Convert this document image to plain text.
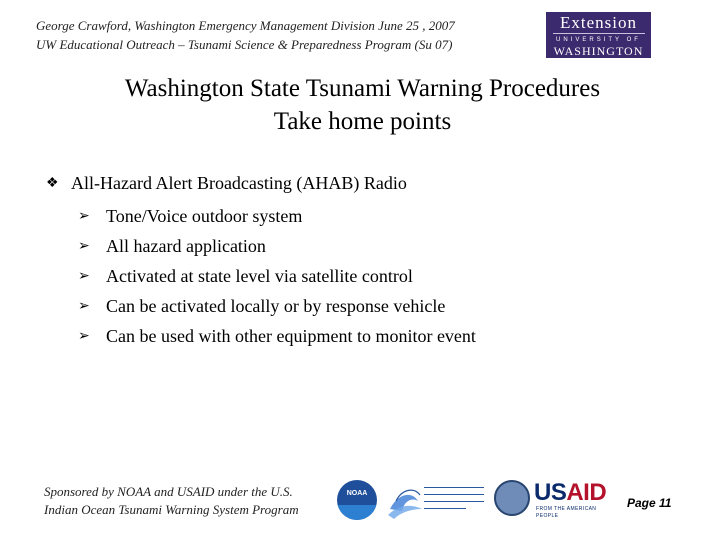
George Crawford, Washington Emergency Management Division June 25 , 2007
UW Educational Outreach – Tsunami Science & Preparedness Program (Su 07)
Extension
UNIVERSITY OF
WASHINGTON
Washington State Tsunami Warning Procedures
Take home points
❖ All-Hazard Alert Broadcasting (AHAB) Radio
➢ Tone/Voice outdoor system
➢ All hazard application
➢ Activated at state level via satellite control
➢ Can be activated locally or by response vehicle
➢ Can be used with other equipment to monitor event
Sponsored by NOAA and USAID under the U.S.
Indian Ocean Tsunami Warning System Program
NOAA	USAID
FROM THE AMERICAN PEOPLE
Page 11
